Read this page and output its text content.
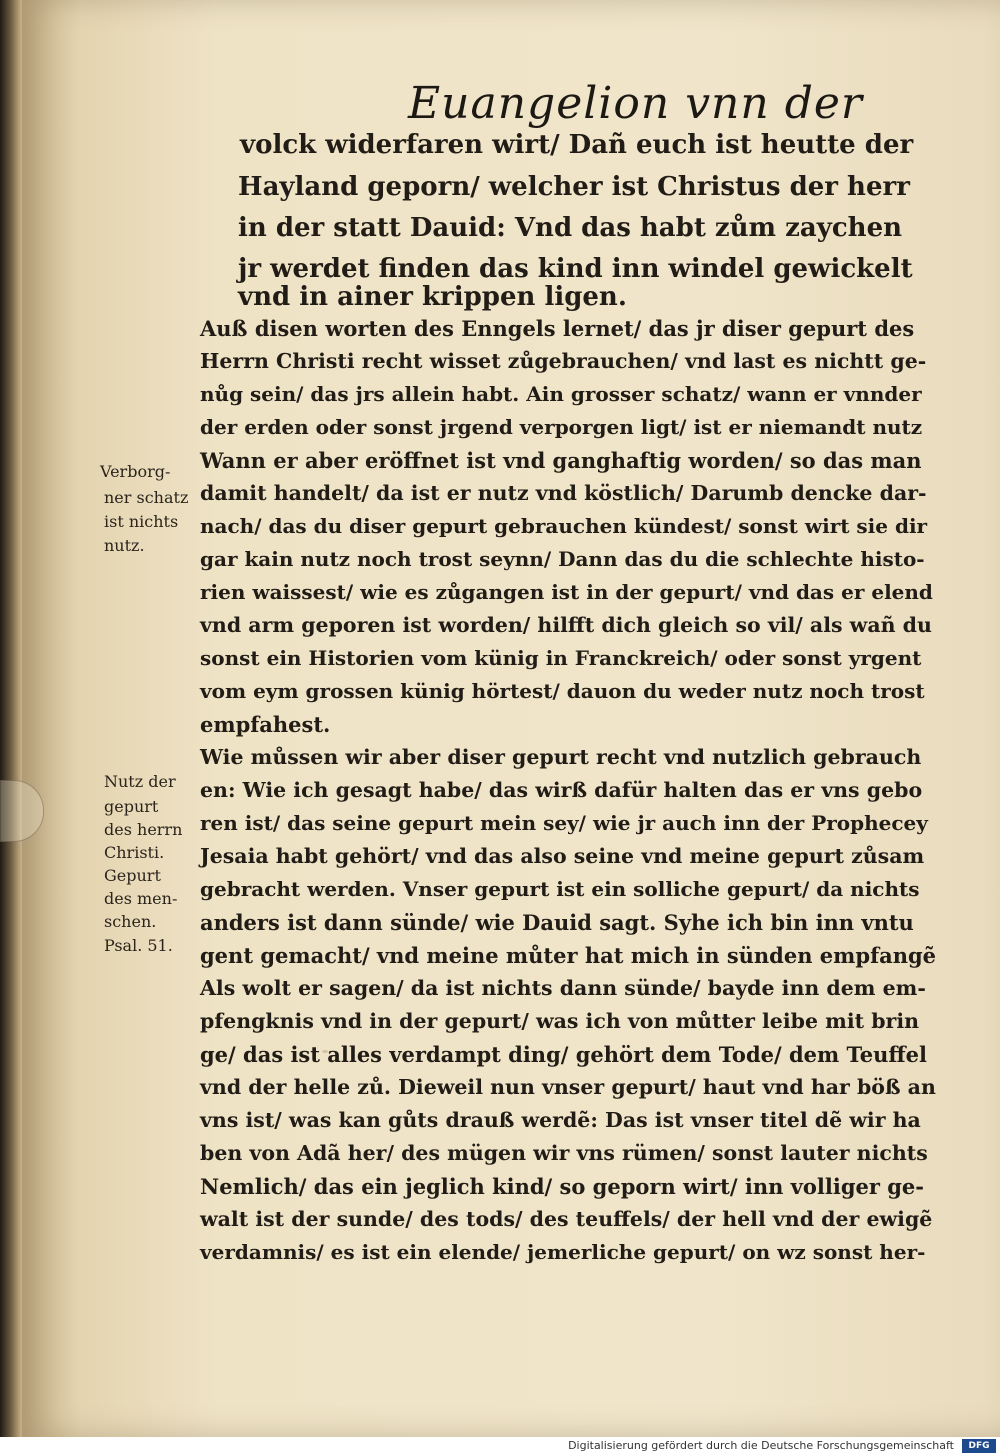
Euangelion vnn der
volck widerfaren wirt/ Dañ euch ist heutte der
Hayland geporn/ welcher ist Christus der herr
in der statt Dauid: Vnd das habt zům zaychen
jr werdet finden das kind inn windel gewickelt
vnd in ainer krippen ligen.
Verborg-
ner schatz
ist nichts
nutz.
Nutz der
gepurt
des herrn
Christi.
Gepurt
des men-
schen.
Psal. 51.
Auß disen worten des Enngels lernet/ das jr diser gepurt des
Herrn Christi recht wisset zůgebrauchen/ vnd last es nichtt ge-
nůg sein/ das jrs allein habt. Ain grosser schatz/ wann er vnnder
der erden oder sonst jrgend verporgen ligt/ ist er niemandt nutz
Wann er aber eröffnet ist vnd ganghaftig worden/ so das man
damit handelt/ da ist er nutz vnd köstlich/ Darumb dencke dar-
nach/ das du diser gepurt gebrauchen kündest/ sonst wirt sie dir
gar kain nutz noch trost seynn/ Dann das du die schlechte histo-
rien waissest/ wie es zůgangen ist in der gepurt/ vnd das er elend
vnd arm geporen ist worden/ hilfft dich gleich so vil/ als wañ du
sonst ein Historien vom künig in Franckreich/ oder sonst yrgent
vom eym grossen künig hörtest/ dauon du weder nutz noch trost
empfahest.
Wie můssen wir aber diser gepurt recht vnd nutzlich gebrauch
en: Wie ich gesagt habe/ das wirß dafür halten das er vns gebo
ren ist/ das seine gepurt mein sey/ wie jr auch inn der Prophecey
Jesaia habt gehört/ vnd das also seine vnd meine gepurt zůsam
gebracht werden. Vnser gepurt ist ein solliche gepurt/ da nichts
anders ist dann sünde/ wie Dauid sagt. Syhe ich bin inn vntu
gent gemacht/ vnd meine můter hat mich in sünden empfangẽ
Als wolt er sagen/ da ist nichts dann sünde/ bayde inn dem em-
pfengknis vnd in der gepurt/ was ich von můtter leibe mit brin
ge/ das ist alles verdampt ding/ gehört dem Tode/ dem Teuffel
vnd der helle zů. Dieweil nun vnser gepurt/ haut vnd har böß an
vns ist/ was kan gůts drauß werdẽ: Das ist vnser titel dẽ wir ha
ben von Adã her/ des mügen wir vns rümen/ sonst lauter nichts
Nemlich/ das ein jeglich kind/ so geporn wirt/ inn volliger ge-
walt ist der sunde/ des tods/ des teuffels/ der hell vnd der ewigẽ
verdamnis/ es ist ein elende/ jemerliche gepurt/ on wz sonst her-
Digitalisierung gefördert durch die Deutsche Forschungsgemeinschaft	DFG
